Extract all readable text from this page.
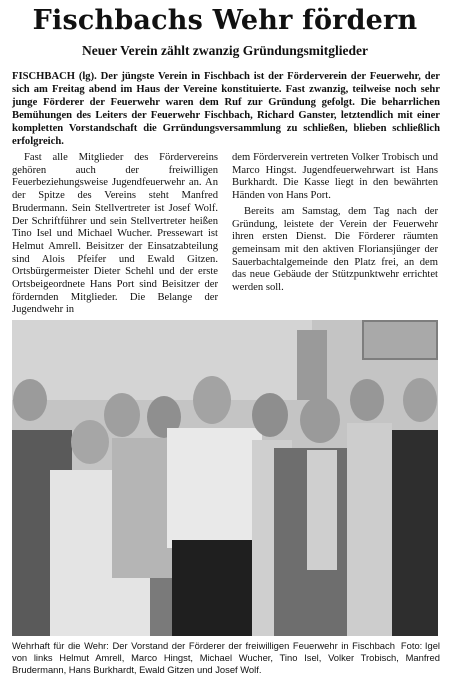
Fischbachs Wehr fördern
Neuer Verein zählt zwanzig Gründungsmitglieder
FISCHBACH (lg). Der jüngste Verein in Fischbach ist der Förderverein der Feuerwehr, der sich am Freitag abend im Haus der Vereine konstituierte. Fast zwanzig, teilweise noch sehr junge Förderer der Feuerwehr waren dem Ruf zur Gründung gefolgt. Die beharrlichen Bemühungen des Leiters der Feuerwehr Fischbach, Richard Ganster, letztendlich mit einer kompletten Vorstandschaft die Grründungsversammlung zu schließen, blieben schließlich erfolgreich.

Fast alle Mitglieder des Fördervereins gehören auch der freiwilligen Feuerbeziehungsweise Jugendfeuerwehr an. An der Spitze des Vereins steht Manfred Brudermann. Sein Stellvertreter ist Josef Wolf. Der Schriftführer und sein Stellvertreter heißen Tino Isel und Michael Wucher. Pressewart ist Helmut Amrell. Beisitzer der Einsatzabteilung sind Alois Pfeifer und Ewald Gitzen. Ortsbürgermeister Dieter Schehl und der erste Ortsbeigeordnete Hans Port sind Beisitzer der fördernden Mitglieder. Die Belange der Jugendwehr in

dem Förderverein vertreten Volker Trobisch und Marco Hingst. Jugendfeuerwehrwart ist Hans Burkhardt. Die Kasse liegt in den bewährten Händen von Hans Port.

Bereits am Samstag, dem Tag nach der Gründung, leistete der Verein der Feuerwehr ihren ersten Dienst. Die Förderer räumten gemeinsam mit den aktiven Floriansjünger der Sauerbachtalgemeinde den Platz frei, an dem das neue Gebäude der Stützpunktwehr errichtet werden soll.

Foto: Igel
Wehrhaft für die Wehr: Der Vorstand der Förderer der freiwilligen Feuerwehr in Fischbach von links Helmut Amrell, Marco Hingst, Michael Wucher, Tino Isel, Volker Trobisch, Manfred Brudermann, Hans Burkhardt, Ewald Gitzen und Josef Wolf.
